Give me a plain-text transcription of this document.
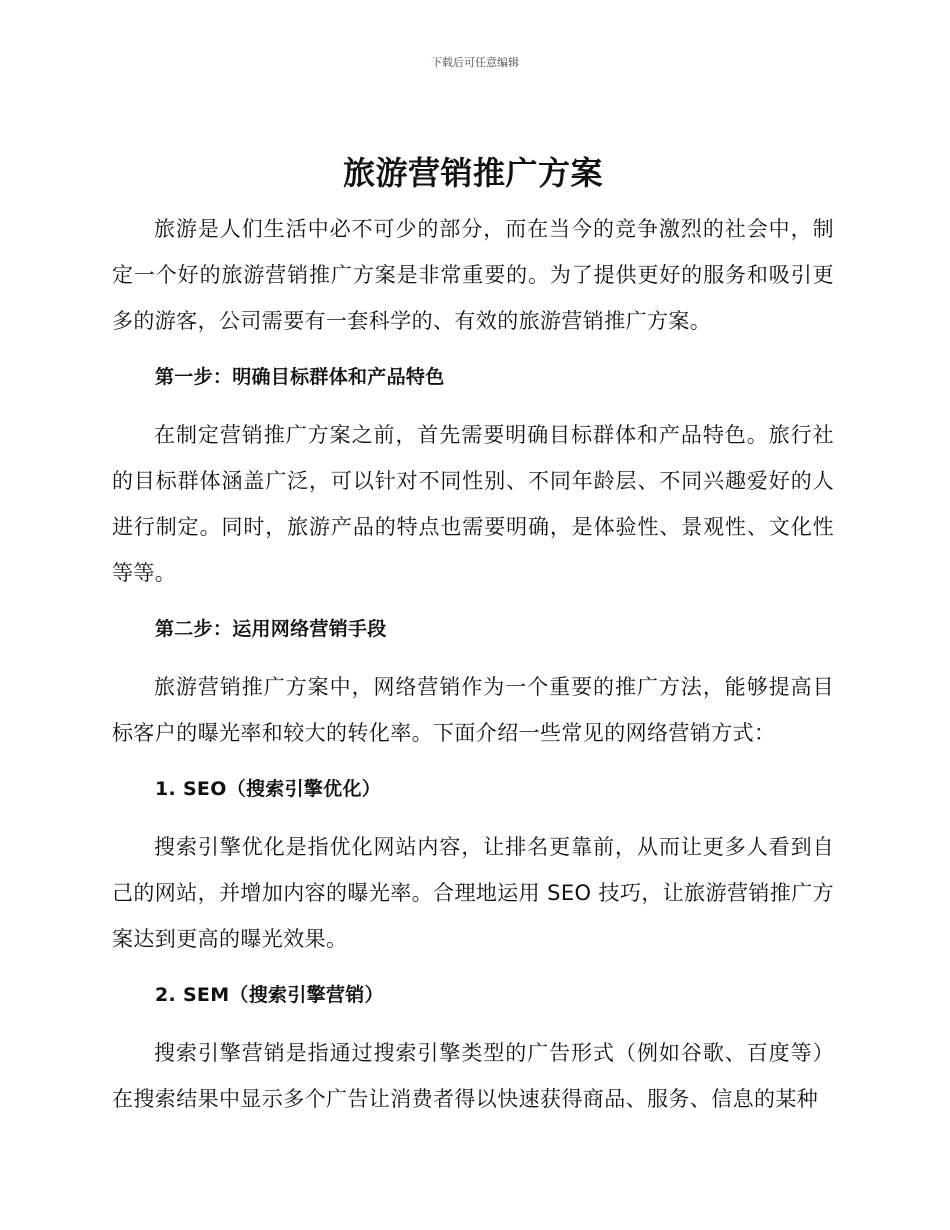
下载后可任意编辑
旅游营销推广方案

旅游是人们生活中必不可少的部分，而在当今的竞争激烈的社会中，制定一个好的旅游营销推广方案是非常重要的。为了提供更好的服务和吸引更多的游客，公司需要有一套科学的、有效的旅游营销推广方案。

第一步：明确目标群体和产品特色

在制定营销推广方案之前，首先需要明确目标群体和产品特色。旅行社的目标群体涵盖广泛，可以针对不同性别、不同年龄层、不同兴趣爱好的人进行制定。同时，旅游产品的特点也需要明确，是体验性、景观性、文化性等等。

第二步：运用网络营销手段

旅游营销推广方案中，网络营销作为一个重要的推广方法，能够提高目标客户的曝光率和较大的转化率。下面介绍一些常见的网络营销方式：

1. SEO（搜索引擎优化）

搜索引擎优化是指优化网站内容，让排名更靠前，从而让更多人看到自己的网站，并增加内容的曝光率。合理地运用 SEO 技巧，让旅游营销推广方案达到更高的曝光效果。

2. SEM（搜索引擎营销）

搜索引擎营销是指通过搜索引擎类型的广告形式（例如谷歌、百度等）在搜索结果中显示多个广告让消费者得以快速获得商品、服务、信息的某种
